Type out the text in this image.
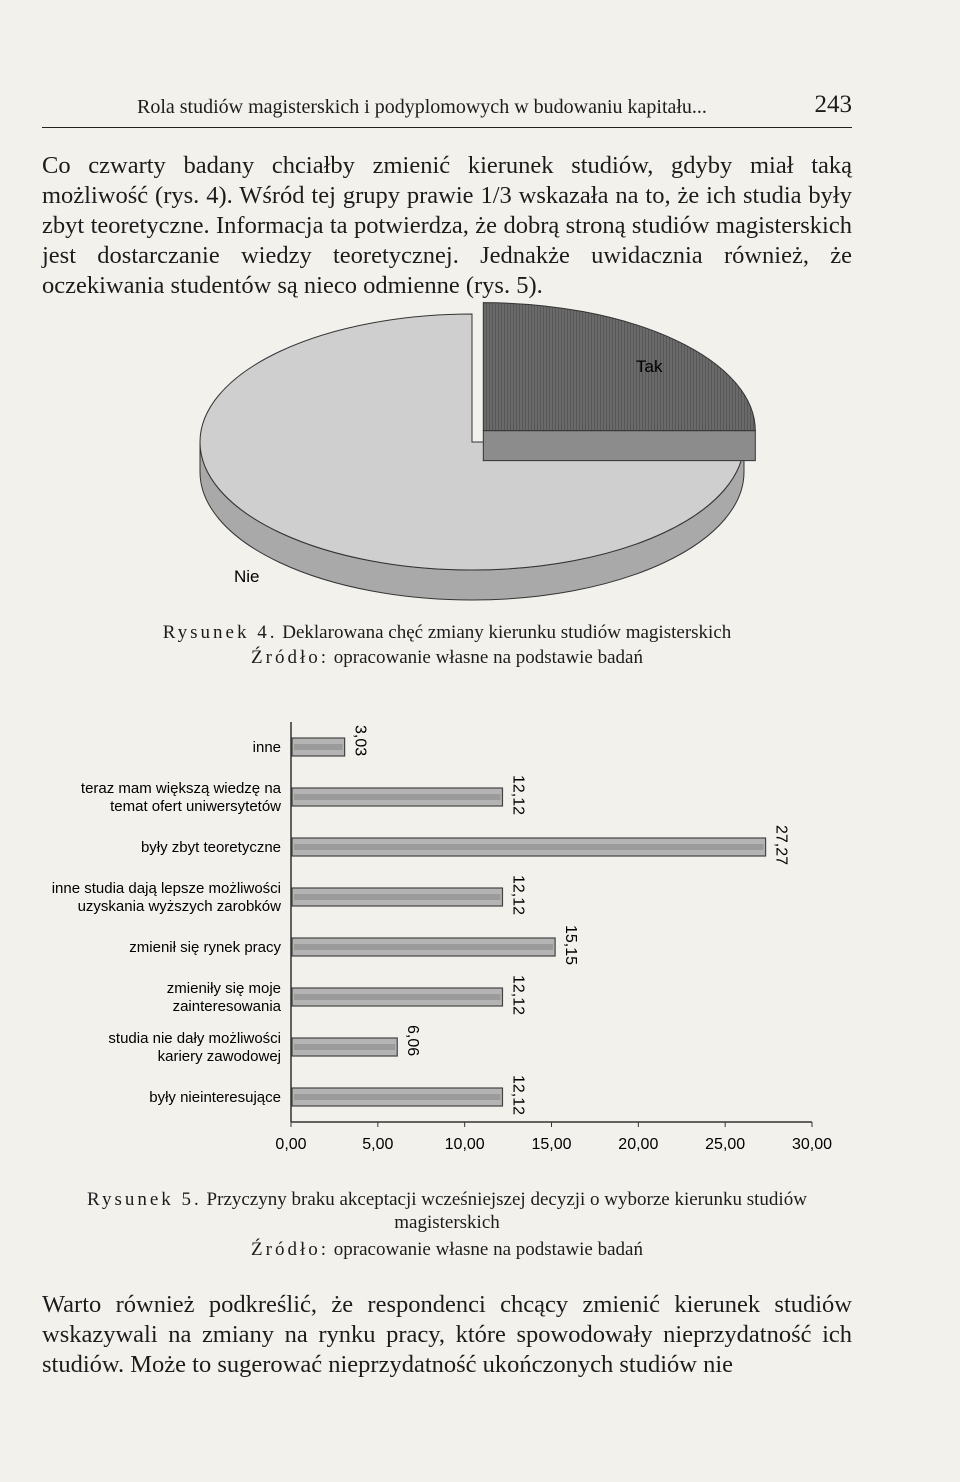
Rola studiów magisterskich i podyplomowych w budowaniu kapitału...	243

Co czwarty badany chciałby zmienić kierunek studiów, gdyby miał taką możliwość (rys. 4). Wśród tej grupy prawie 1/3 wskazała na to, że ich studia były zbyt teoretyczne. Informacja ta potwierdza, że dobrą stroną studiów magisterskich jest dostarczanie wiedzy teoretycznej. Jednakże uwidacznia również, że oczekiwania studentów są nieco odmienne (rys. 5).

Tak
Nie
Rysunek 4. Deklarowana chęć zmiany kierunku studiów magisterskich
Źródło: opracowanie własne na podstawie badań
inne
teraz mam większą wiedzę na
temat ofert uniwersytetów
były zbyt teoretyczne
inne studia dają lepsze możliwości
uzyskania wyższych zarobków
zmienił się rynek pracy
zmieniły się moje
zainteresowania
studia nie dały możliwości
kariery zawodowej
były nieinteresujące
3,03
12,12
27,27
12,12
15,15
12,12
6,06
12,12
0,00	5,00	10,00	15,00	20,00	25,00	30,00
Rysunek 5. Przyczyny braku akceptacji wcześniejszej decyzji o wyborze kierunku studiów
magisterskich
Źródło: opracowanie własne na podstawie badań

Warto również podkreślić, że respondenci chcący zmienić kierunek studiów wskazywali na zmiany na rynku pracy, które spowodowały nieprzydatność ich studiów. Może to sugerować nieprzydatność ukończonych studiów nie
